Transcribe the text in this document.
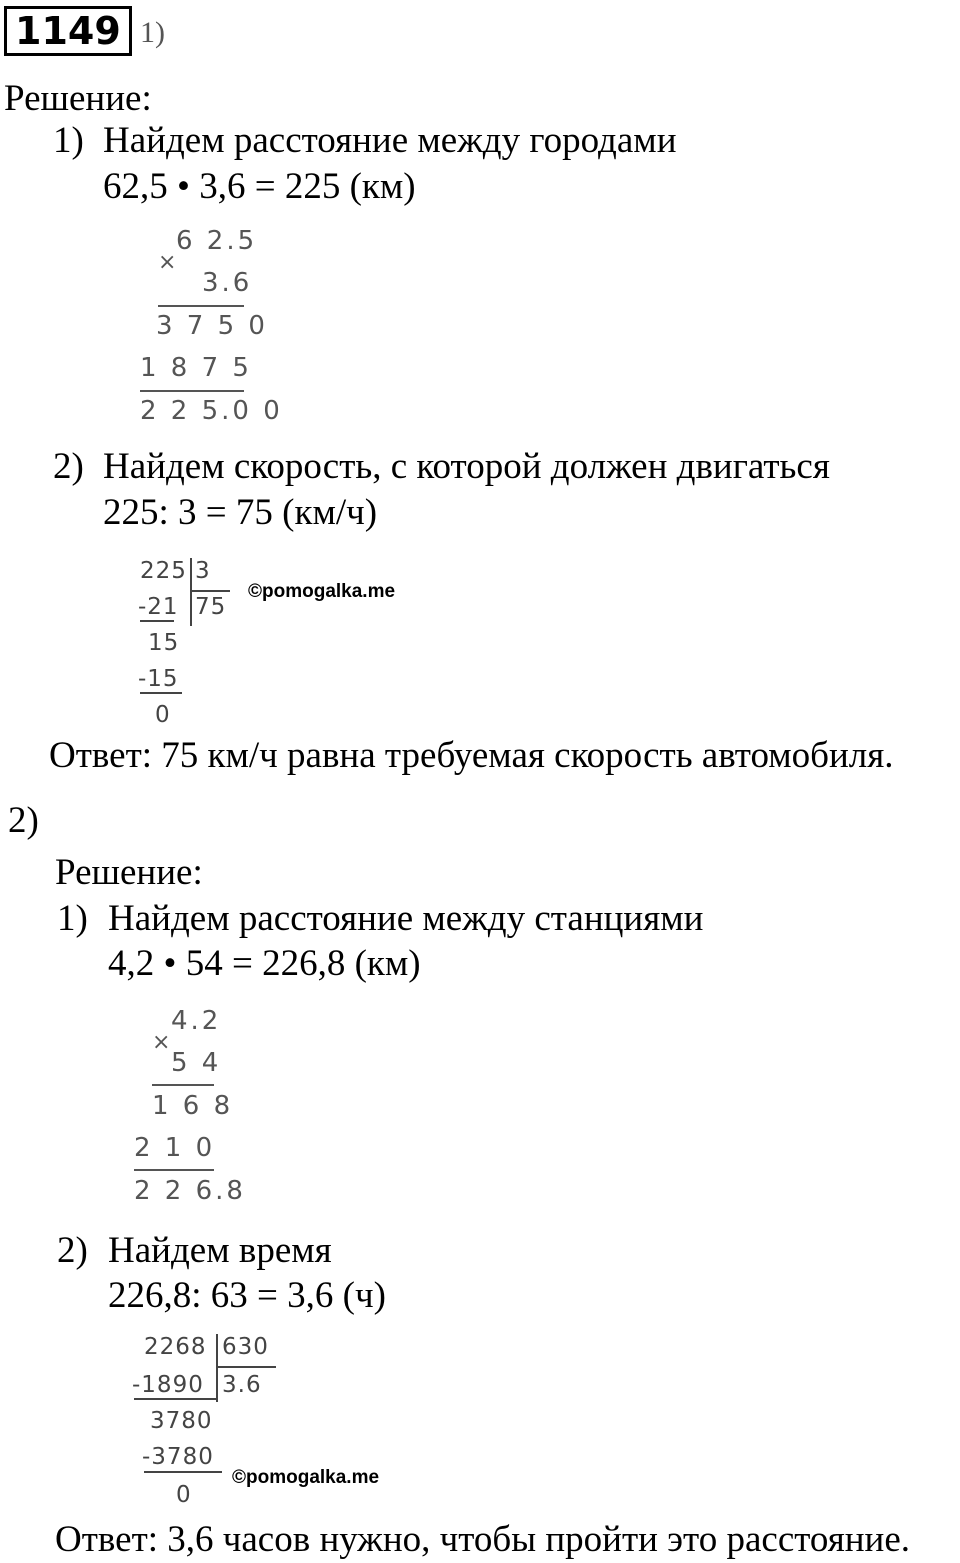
1149 1)
Решение:
1) Найдем расстояние между городами
62,5 • 3,6 = 225 (км)
×
6 2.5
3.6
3 7 5 0
1 8 7 5
2 2 5.0 0
2) Найдем скорость, с которой должен двигаться
225: 3 = 75 (км/ч)
225 3
75
-21
15
-15
0
©pomogalka.me
Ответ: 75 км/ч равна требуемая скорость автомобиля.
2)
Решение:
1) Найдем расстояние между станциями
4,2 • 54 = 226,8 (км)
×
4.2
5 4
1 6 8
2 1 0
2 2 6.8
2) Найдем время
226,8: 63 = 3,6 (ч)
2268 630
3.6
-1890
3780
-3780
0
©pomogalka.me
Ответ: 3,6 часов нужно, чтобы пройти это расстояние.
